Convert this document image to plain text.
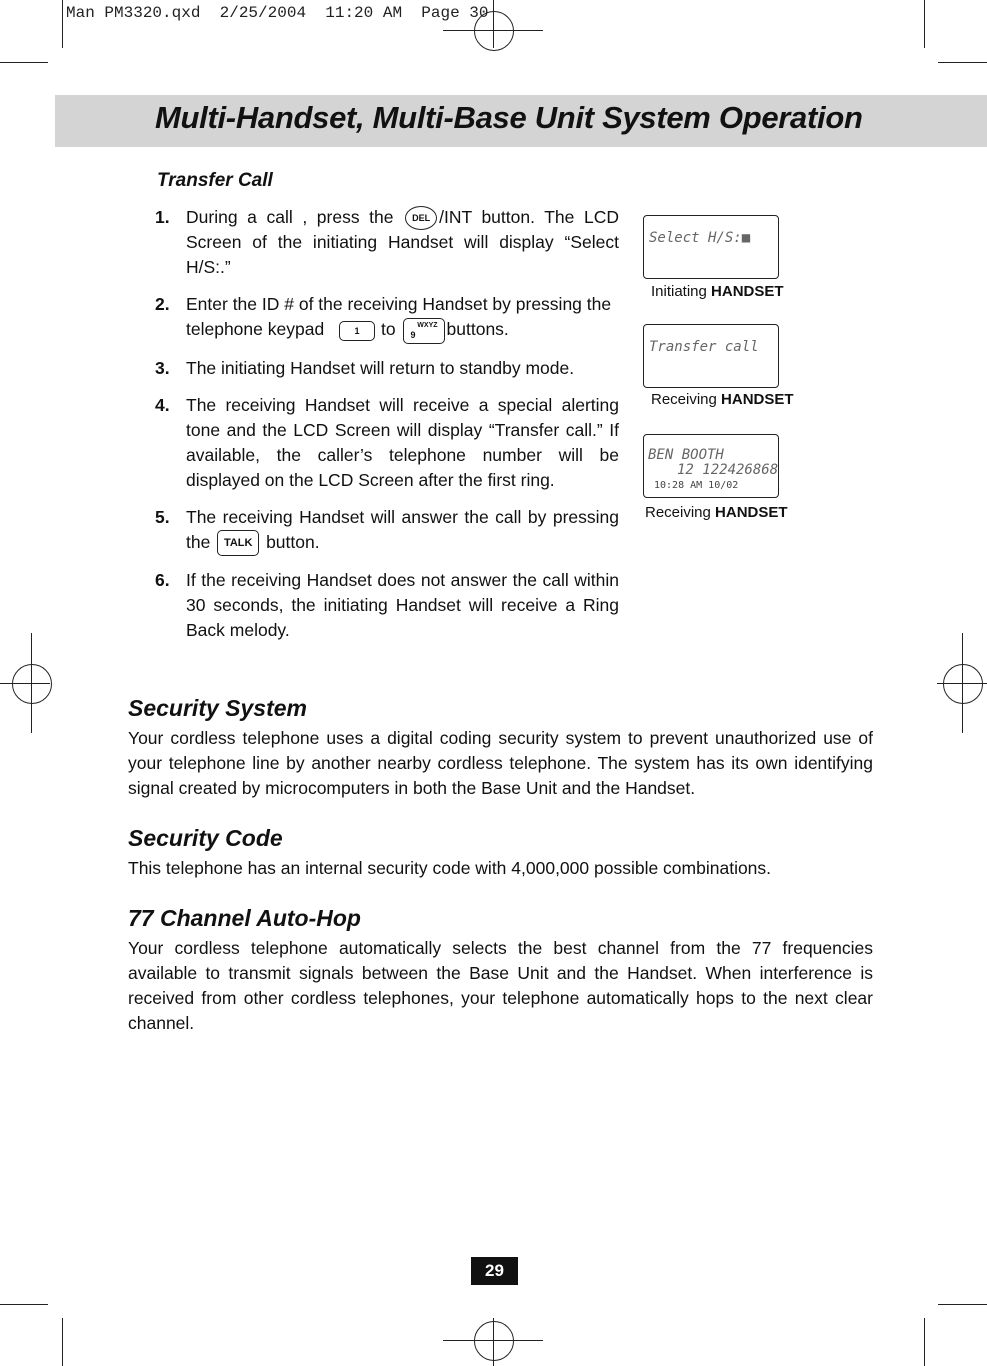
Man PM3320.qxd  2/25/2004  11:20 AM  Page 30
Multi-Handset, Multi-Base Unit System Operation
Transfer Call
1. During a call , press the DEL /INT button. The LCD Screen of the initiating Handset will display “Select H/S:.”
2. Enter the ID # of the receiving Handset by pressing the telephone keypad	1 to	WXYZ
9 buttons.
3. The initiating Handset will return to standby mode.
4. The receiving Handset will receive a special alerting tone and the LCD Screen will display “Transfer call.” If available, the caller’s telephone number will be displayed on the LCD Screen after the first ring.
5. The receiving Handset will answer the call by pressing the TALK button.
6. If the receiving Handset does not answer the call within 30 seconds, the initiating Handset will receive a Ring Back melody.
Select H/S:■
Initiating HANDSET
Transfer call
Receiving HANDSET
BEN BOOTH
12 122426868
10:28 AM 10/02
Receiving HANDSET
Security System
Your cordless telephone uses a digital coding security system to prevent unauthorized use of your telephone line by another nearby cordless telephone. The system has its own identifying signal created by microcomputers in both the Base Unit and the Handset.
Security Code
This telephone has an internal security code with 4,000,000 possible combinations.
77 Channel Auto-Hop
Your cordless telephone automatically selects the best channel from the 77 frequencies available to transmit signals between the Base Unit and the Handset. When interference is received from other cordless telephones, your telephone automatically hops to the next clear channel.
29
